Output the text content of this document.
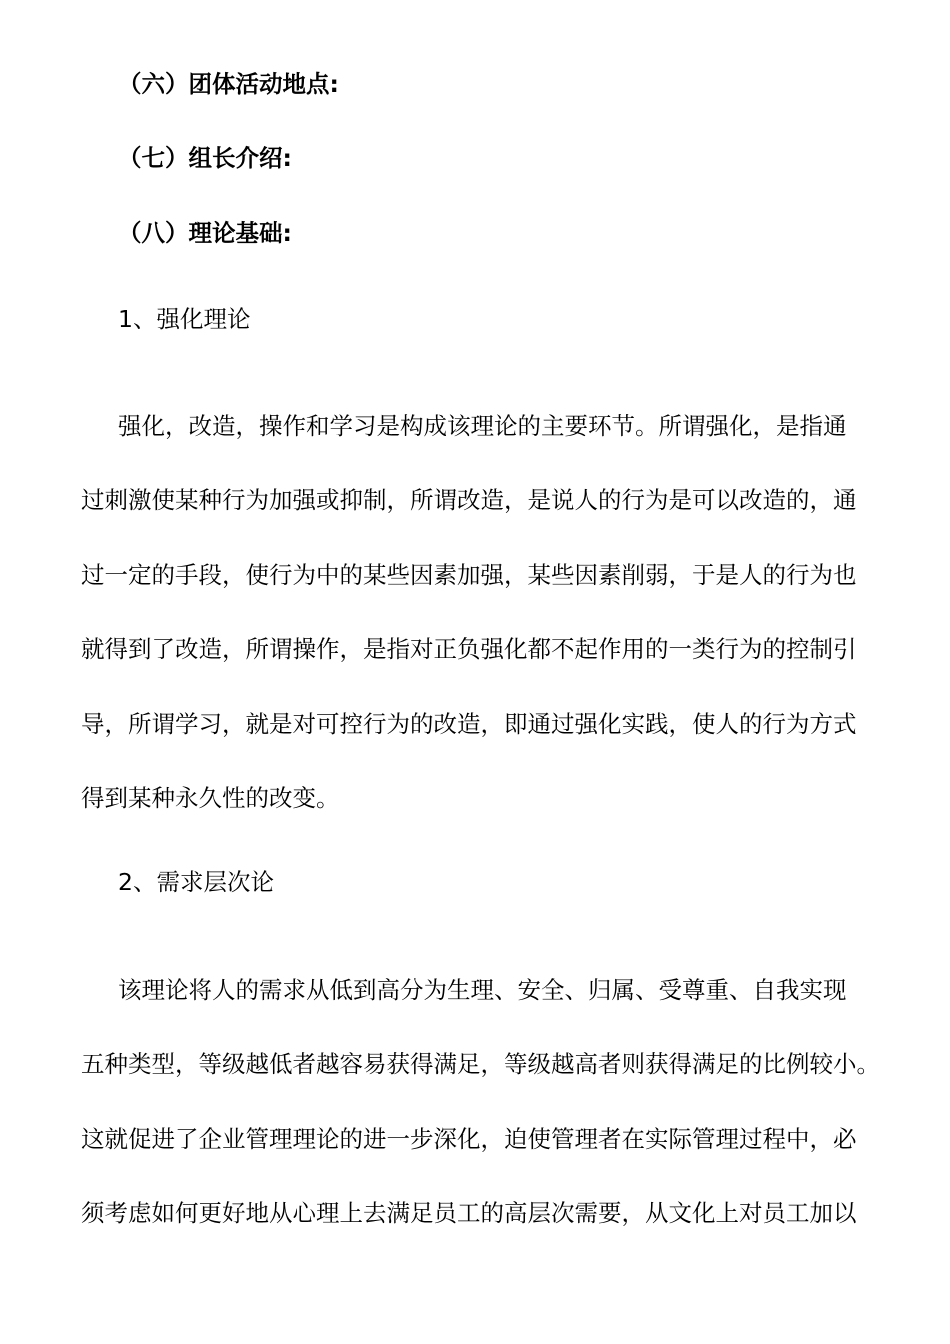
（六）团体活动地点:
（七）组长介绍:
（八）理论基础:
1、强化理论
强化，改造，操作和学习是构成该理论的主要环节。所谓强化，是指通
过刺激使某种行为加强或抑制，所谓改造，是说人的行为是可以改造的，通
过一定的手段，使行为中的某些因素加强，某些因素削弱，于是人的行为也
就得到了改造，所谓操作，是指对正负强化都不起作用的一类行为的控制引
导，所谓学习，就是对可控行为的改造，即通过强化实践，使人的行为方式
得到某种永久性的改变。
2、需求层次论
该理论将人的需求从低到高分为生理、安全、归属、受尊重、自我实现
五种类型，等级越低者越容易获得满足，等级越高者则获得满足的比例较小。
这就促进了企业管理理论的进一步深化，迫使管理者在实际管理过程中，必
须考虑如何更好地从心理上去满足员工的高层次需要，从文化上对员工加以
